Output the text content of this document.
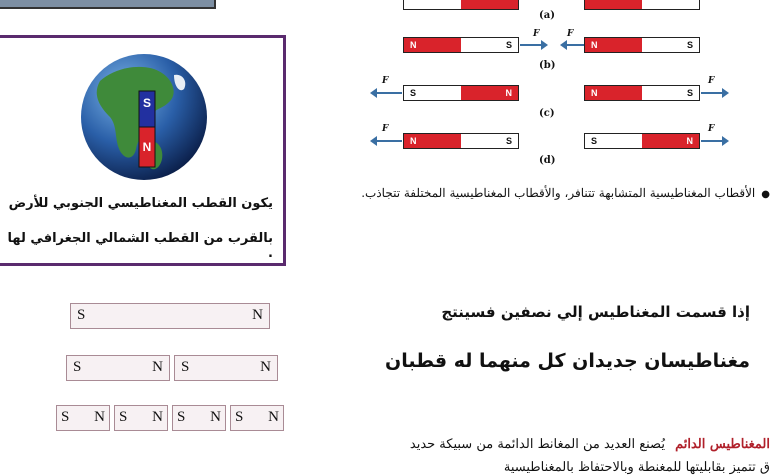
S
N
يكون القطب المغناطيسي الجنوبي للأرض
بالقرب من القطب الشمالي الجغرافي لها .
(a)
N	S
F	F
N	S
(b)
F
S	N	N	S
F
(c)
F
N	S	S	N
F
(d)
●الأقطاب المغناطيسية المتشابهة تتنافر، والأقطاب المغناطيسية المختلفة تتجاذب.
S	N
S	N S	N
S N S N S N S N
إذا قسمت المغناطيس إلي نصفين فسينتج
مغناطيسان جديدان كل منهما له قطبان
المغناطيس الدائم يُصنع العديد من المغانط الدائمة من سبيكة حديد
ق تتميز بقابليتها للمغنطة وبالاحتفاظ بالمغناطيسية
